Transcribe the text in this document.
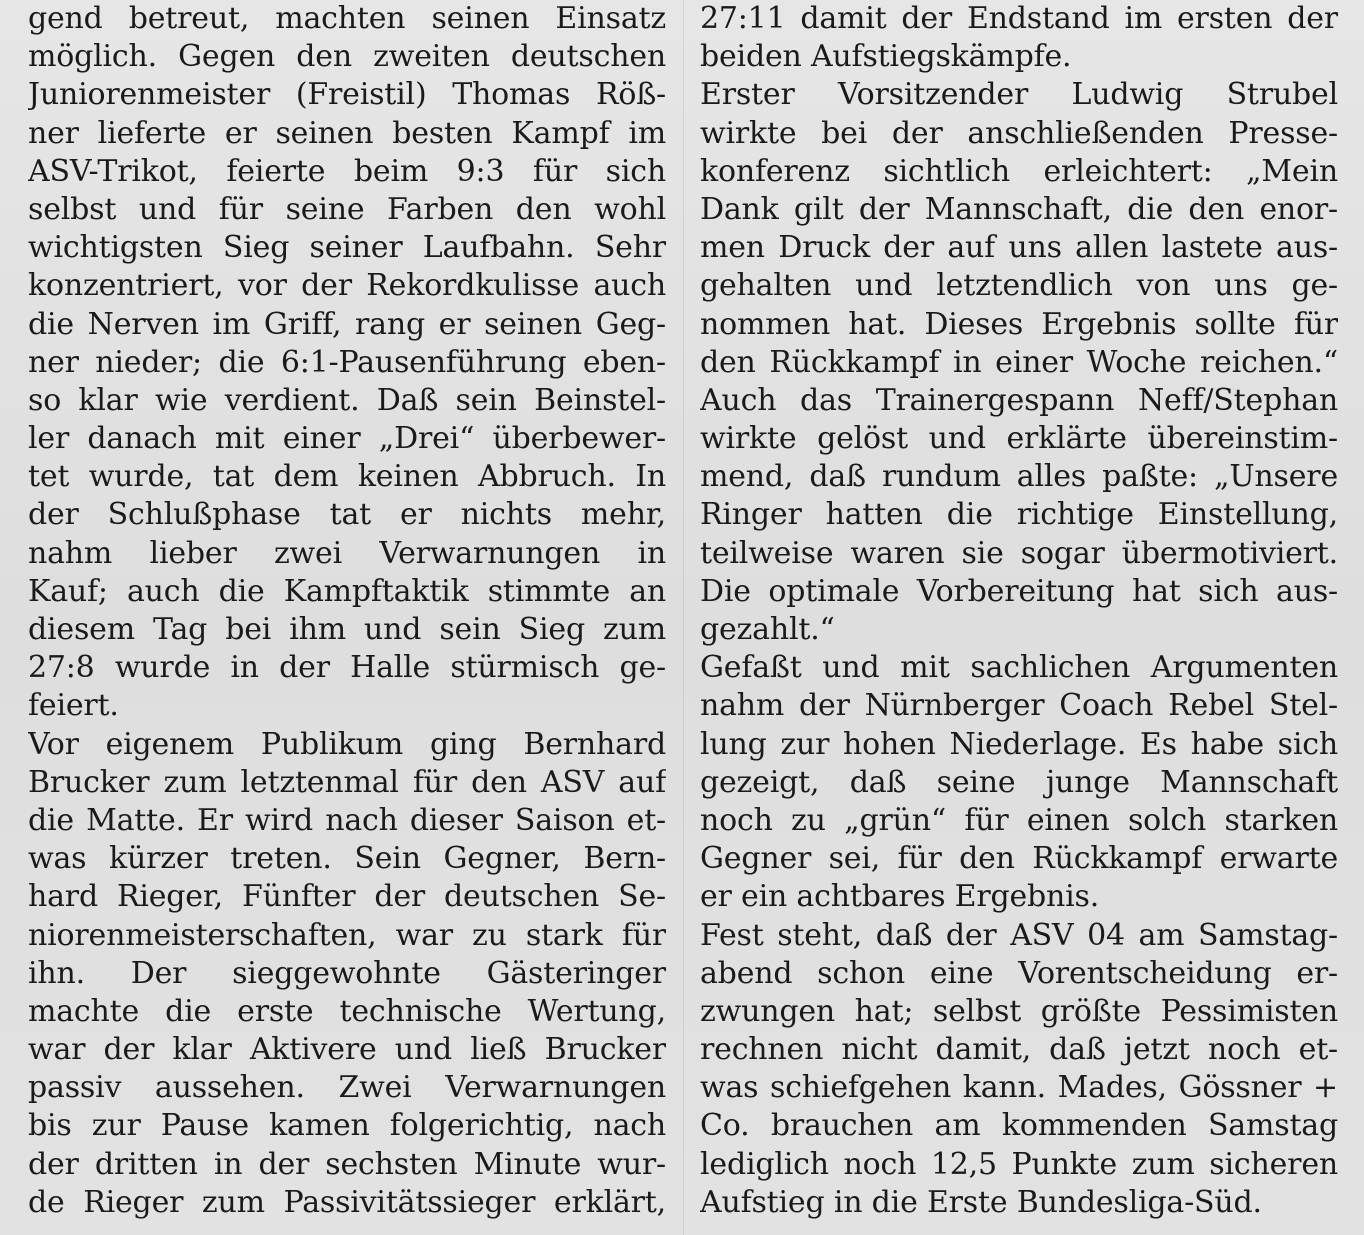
gend betreut, machten seinen Einsatz
möglich. Gegen den zweiten deutschen
Juniorenmeister (Freistil) Thomas Röß-
ner lieferte er seinen besten Kampf im
ASV-Trikot, feierte beim 9:3 für sich
selbst und für seine Farben den wohl
wichtigsten Sieg seiner Laufbahn. Sehr
konzentriert, vor der Rekordkulisse auch
die Nerven im Griff, rang er seinen Geg-
ner nieder; die 6:1-Pausenführung eben-
so klar wie verdient. Daß sein Beinstel-
ler danach mit einer „Drei“ überbewer-
tet wurde, tat dem keinen Abbruch. In
der Schlußphase tat er nichts mehr,
nahm lieber zwei Verwarnungen in
Kauf; auch die Kampftaktik stimmte an
diesem Tag bei ihm und sein Sieg zum
27:8 wurde in der Halle stürmisch ge-
feiert.
Vor eigenem Publikum ging Bernhard
Brucker zum letztenmal für den ASV auf
die Matte. Er wird nach dieser Saison et-
was kürzer treten. Sein Gegner, Bern-
hard Rieger, Fünfter der deutschen Se-
niorenmeisterschaften, war zu stark für
ihn. Der sieggewohnte Gästeringer
machte die erste technische Wertung,
war der klar Aktivere und ließ Brucker
passiv aussehen. Zwei Verwarnungen
bis zur Pause kamen folgerichtig, nach
der dritten in der sechsten Minute wur-
de Rieger zum Passivitätssieger erklärt,
27:11 damit der Endstand im ersten der
beiden Aufstiegskämpfe.
Erster Vorsitzender Ludwig Strubel
wirkte bei der anschließenden Presse-
konferenz sichtlich erleichtert: „Mein
Dank gilt der Mannschaft, die den enor-
men Druck der auf uns allen lastete aus-
gehalten und letztendlich von uns ge-
nommen hat. Dieses Ergebnis sollte für
den Rückkampf in einer Woche reichen.“
Auch das Trainergespann Neff/Stephan
wirkte gelöst und erklärte übereinstim-
mend, daß rundum alles paßte: „Unsere
Ringer hatten die richtige Einstellung,
teilweise waren sie sogar übermotiviert.
Die optimale Vorbereitung hat sich aus-
gezahlt.“
Gefaßt und mit sachlichen Argumenten
nahm der Nürnberger Coach Rebel Stel-
lung zur hohen Niederlage. Es habe sich
gezeigt, daß seine junge Mannschaft
noch zu „grün“ für einen solch starken
Gegner sei, für den Rückkampf erwarte
er ein achtbares Ergebnis.
Fest steht, daß der ASV 04 am Samstag-
abend schon eine Vorentscheidung er-
zwungen hat; selbst größte Pessimisten
rechnen nicht damit, daß jetzt noch et-
was schiefgehen kann. Mades, Gössner +
Co. brauchen am kommenden Samstag
lediglich noch 12,5 Punkte zum sicheren
Aufstieg in die Erste Bundesliga-Süd.
